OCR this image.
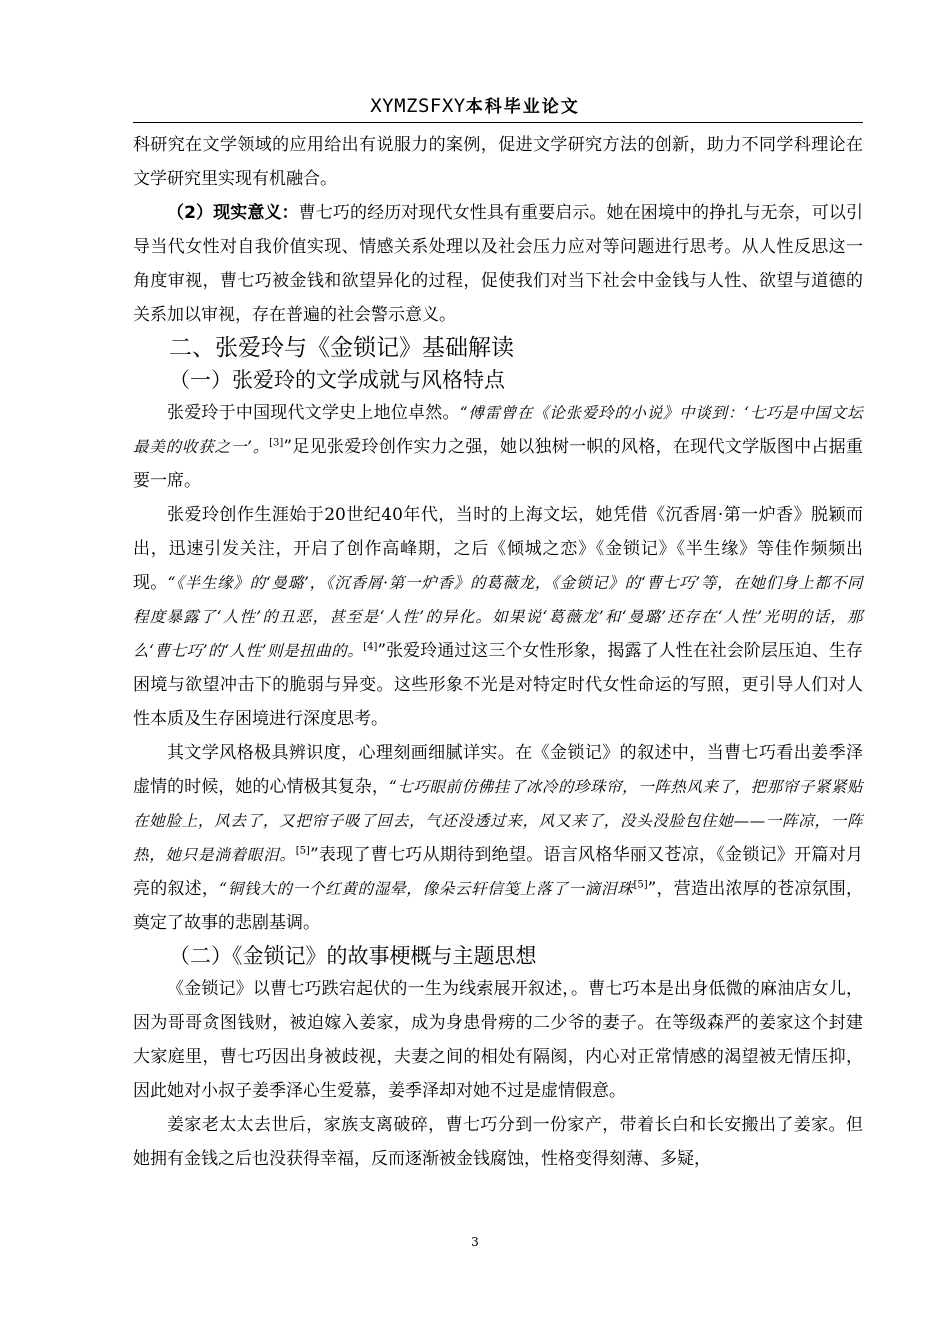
XYMZSFXY本科毕业论文

科研究在文学领域的应用给出有说服力的案例，促进文学研究方法的创新，助力不同学科理论在文学研究里实现有机融合。

（2）现实意义：曹七巧的经历对现代女性具有重要启示。她在困境中的挣扎与无奈，可以引导当代女性对自我价值实现、情感关系处理以及社会压力应对等问题进行思考。从人性反思这一角度审视，曹七巧被金钱和欲望异化的过程，促使我们对当下社会中金钱与人性、欲望与道德的关系加以审视，存在普遍的社会警示意义。

二、张爱玲与《金锁记》基础解读
（一）张爱玲的文学成就与风格特点

张爱玲于中国现代文学史上地位卓然。“傅雷曾在《论张爱玲的小说》中谈到：‘七巧是中国文坛最美的收获之一’。[3]”足见张爱玲创作实力之强，她以独树一帜的风格，在现代文学版图中占据重要一席。

张爱玲创作生涯始于20世纪40年代，当时的上海文坛，她凭借《沉香屑·第一炉香》脱颖而出，迅速引发关注，开启了创作高峰期，之后《倾城之恋》《金锁记》《半生缘》等佳作频频出现。“《半生缘》的‘曼璐’，《沉香屑·第一炉香》的葛薇龙，《金锁记》的‘曹七巧’等，在她们身上都不同程度暴露了‘人性’的丑恶，甚至是‘人性’的异化。如果说‘葛薇龙’和‘曼璐’还存在‘人性’光明的话，那么‘曹七巧’的‘人性’则是扭曲的。[4]”张爱玲通过这三个女性形象，揭露了人性在社会阶层压迫、生存困境与欲望冲击下的脆弱与异变。这些形象不光是对特定时代女性命运的写照，更引导人们对人性本质及生存困境进行深度思考。

其文学风格极具辨识度，心理刻画细腻详实。在《金锁记》的叙述中，当曹七巧看出姜季泽虚情的时候，她的心情极其复杂，“七巧眼前仿佛挂了冰冷的珍珠帘，一阵热风来了，把那帘子紧紧贴在她脸上，风去了，又把帘子吸了回去，气还没透过来，风又来了，没头没脸包住她——一阵凉，一阵热，她只是淌着眼泪。[5]”表现了曹七巧从期待到绝望。语言风格华丽又苍凉，《金锁记》开篇对月亮的叙述，“铜钱大的一个红黄的湿晕，像朵云轩信笺上落了一滴泪珠[5]”，营造出浓厚的苍凉氛围，奠定了故事的悲剧基调。

（二）《金锁记》的故事梗概与主题思想

《金锁记》以曹七巧跌宕起伏的一生为线索展开叙述，。曹七巧本是出身低微的麻油店女儿，因为哥哥贪图钱财，被迫嫁入姜家，成为身患骨痨的二少爷的妻子。在等级森严的姜家这个封建大家庭里，曹七巧因出身被歧视，夫妻之间的相处有隔阂，内心对正常情感的渴望被无情压抑，因此她对小叔子姜季泽心生爱慕，姜季泽却对她不过是虚情假意。

姜家老太太去世后，家族支离破碎，曹七巧分到一份家产，带着长白和长安搬出了姜家。但她拥有金钱之后也没获得幸福，反而逐渐被金钱腐蚀，性格变得刻薄、多疑，

3
